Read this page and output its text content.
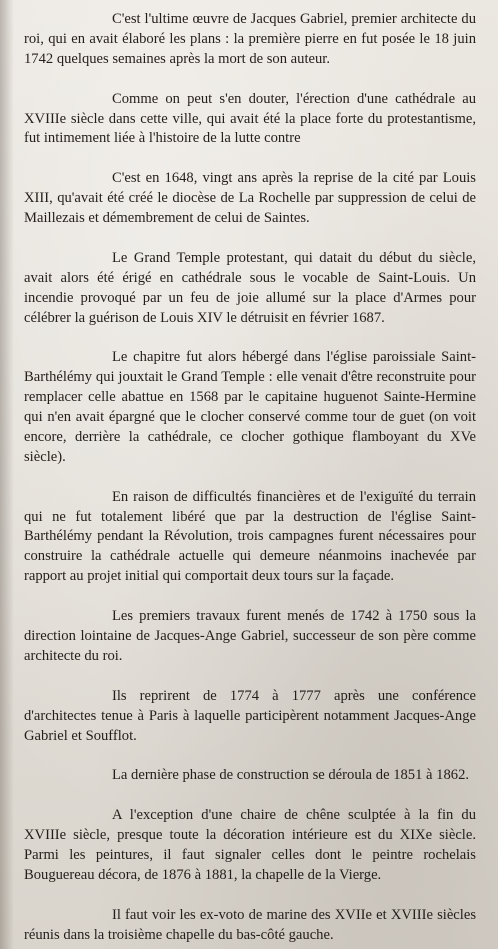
C'est l'ultime œuvre de Jacques Gabriel, premier architecte du roi, qui en avait élaboré les plans : la première pierre en fut posée le 18 juin 1742 quelques semaines après la mort de son auteur.

Comme on peut s'en douter, l'érection d'une cathédrale au XVIIIe siècle dans cette ville, qui avait été la place forte du protestantisme, fut intimement liée à l'histoire de la lutte contre

C'est en 1648, vingt ans après la reprise de la cité par Louis XIII, qu'avait été créé le diocèse de La Rochelle par suppression de celui de Maillezais et démembrement de celui de Saintes.

Le Grand Temple protestant, qui datait du début du siècle, avait alors été érigé en cathédrale sous le vocable de Saint-Louis. Un incendie provoqué par un feu de joie allumé sur la place d'Armes pour célébrer la guérison de Louis XIV le détruisit en février 1687.

Le chapitre fut alors hébergé dans l'église paroissiale Saint-Barthélémy qui jouxtait le Grand Temple : elle venait d'être reconstruite pour remplacer celle abattue en 1568 par le capitaine huguenot Sainte-Hermine qui n'en avait épargné que le clocher conservé comme tour de guet (on voit encore, derrière la cathédrale, ce clocher gothique flamboyant du XVe siècle).

En raison de difficultés financières et de l'exiguïté du terrain qui ne fut totalement libéré que par la destruction de l'église Saint-Barthélémy pendant la Révolution, trois campagnes furent nécessaires pour construire la cathédrale actuelle qui demeure néanmoins inachevée par rapport au projet initial qui comportait deux tours sur la façade.

Les premiers travaux furent menés de 1742 à 1750 sous la direction lointaine de Jacques-Ange Gabriel, successeur de son père comme architecte du roi.

Ils reprirent de 1774 à 1777 après une conférence d'architectes tenue à Paris à laquelle participèrent notamment Jacques-Ange Gabriel et Soufflot.

La dernière phase de construction se déroula de 1851 à 1862.

A l'exception d'une chaire de chêne sculptée à la fin du XVIIIe siècle, presque toute la décoration intérieure est du XIXe siècle. Parmi les peintures, il faut signaler celles dont le peintre rochelais Bouguereau décora, de 1876 à 1881, la chapelle de la Vierge.

Il faut voir les ex-voto de marine des XVIIe et XVIIIe siècles réunis dans la troisième chapelle du bas-côté gauche.
